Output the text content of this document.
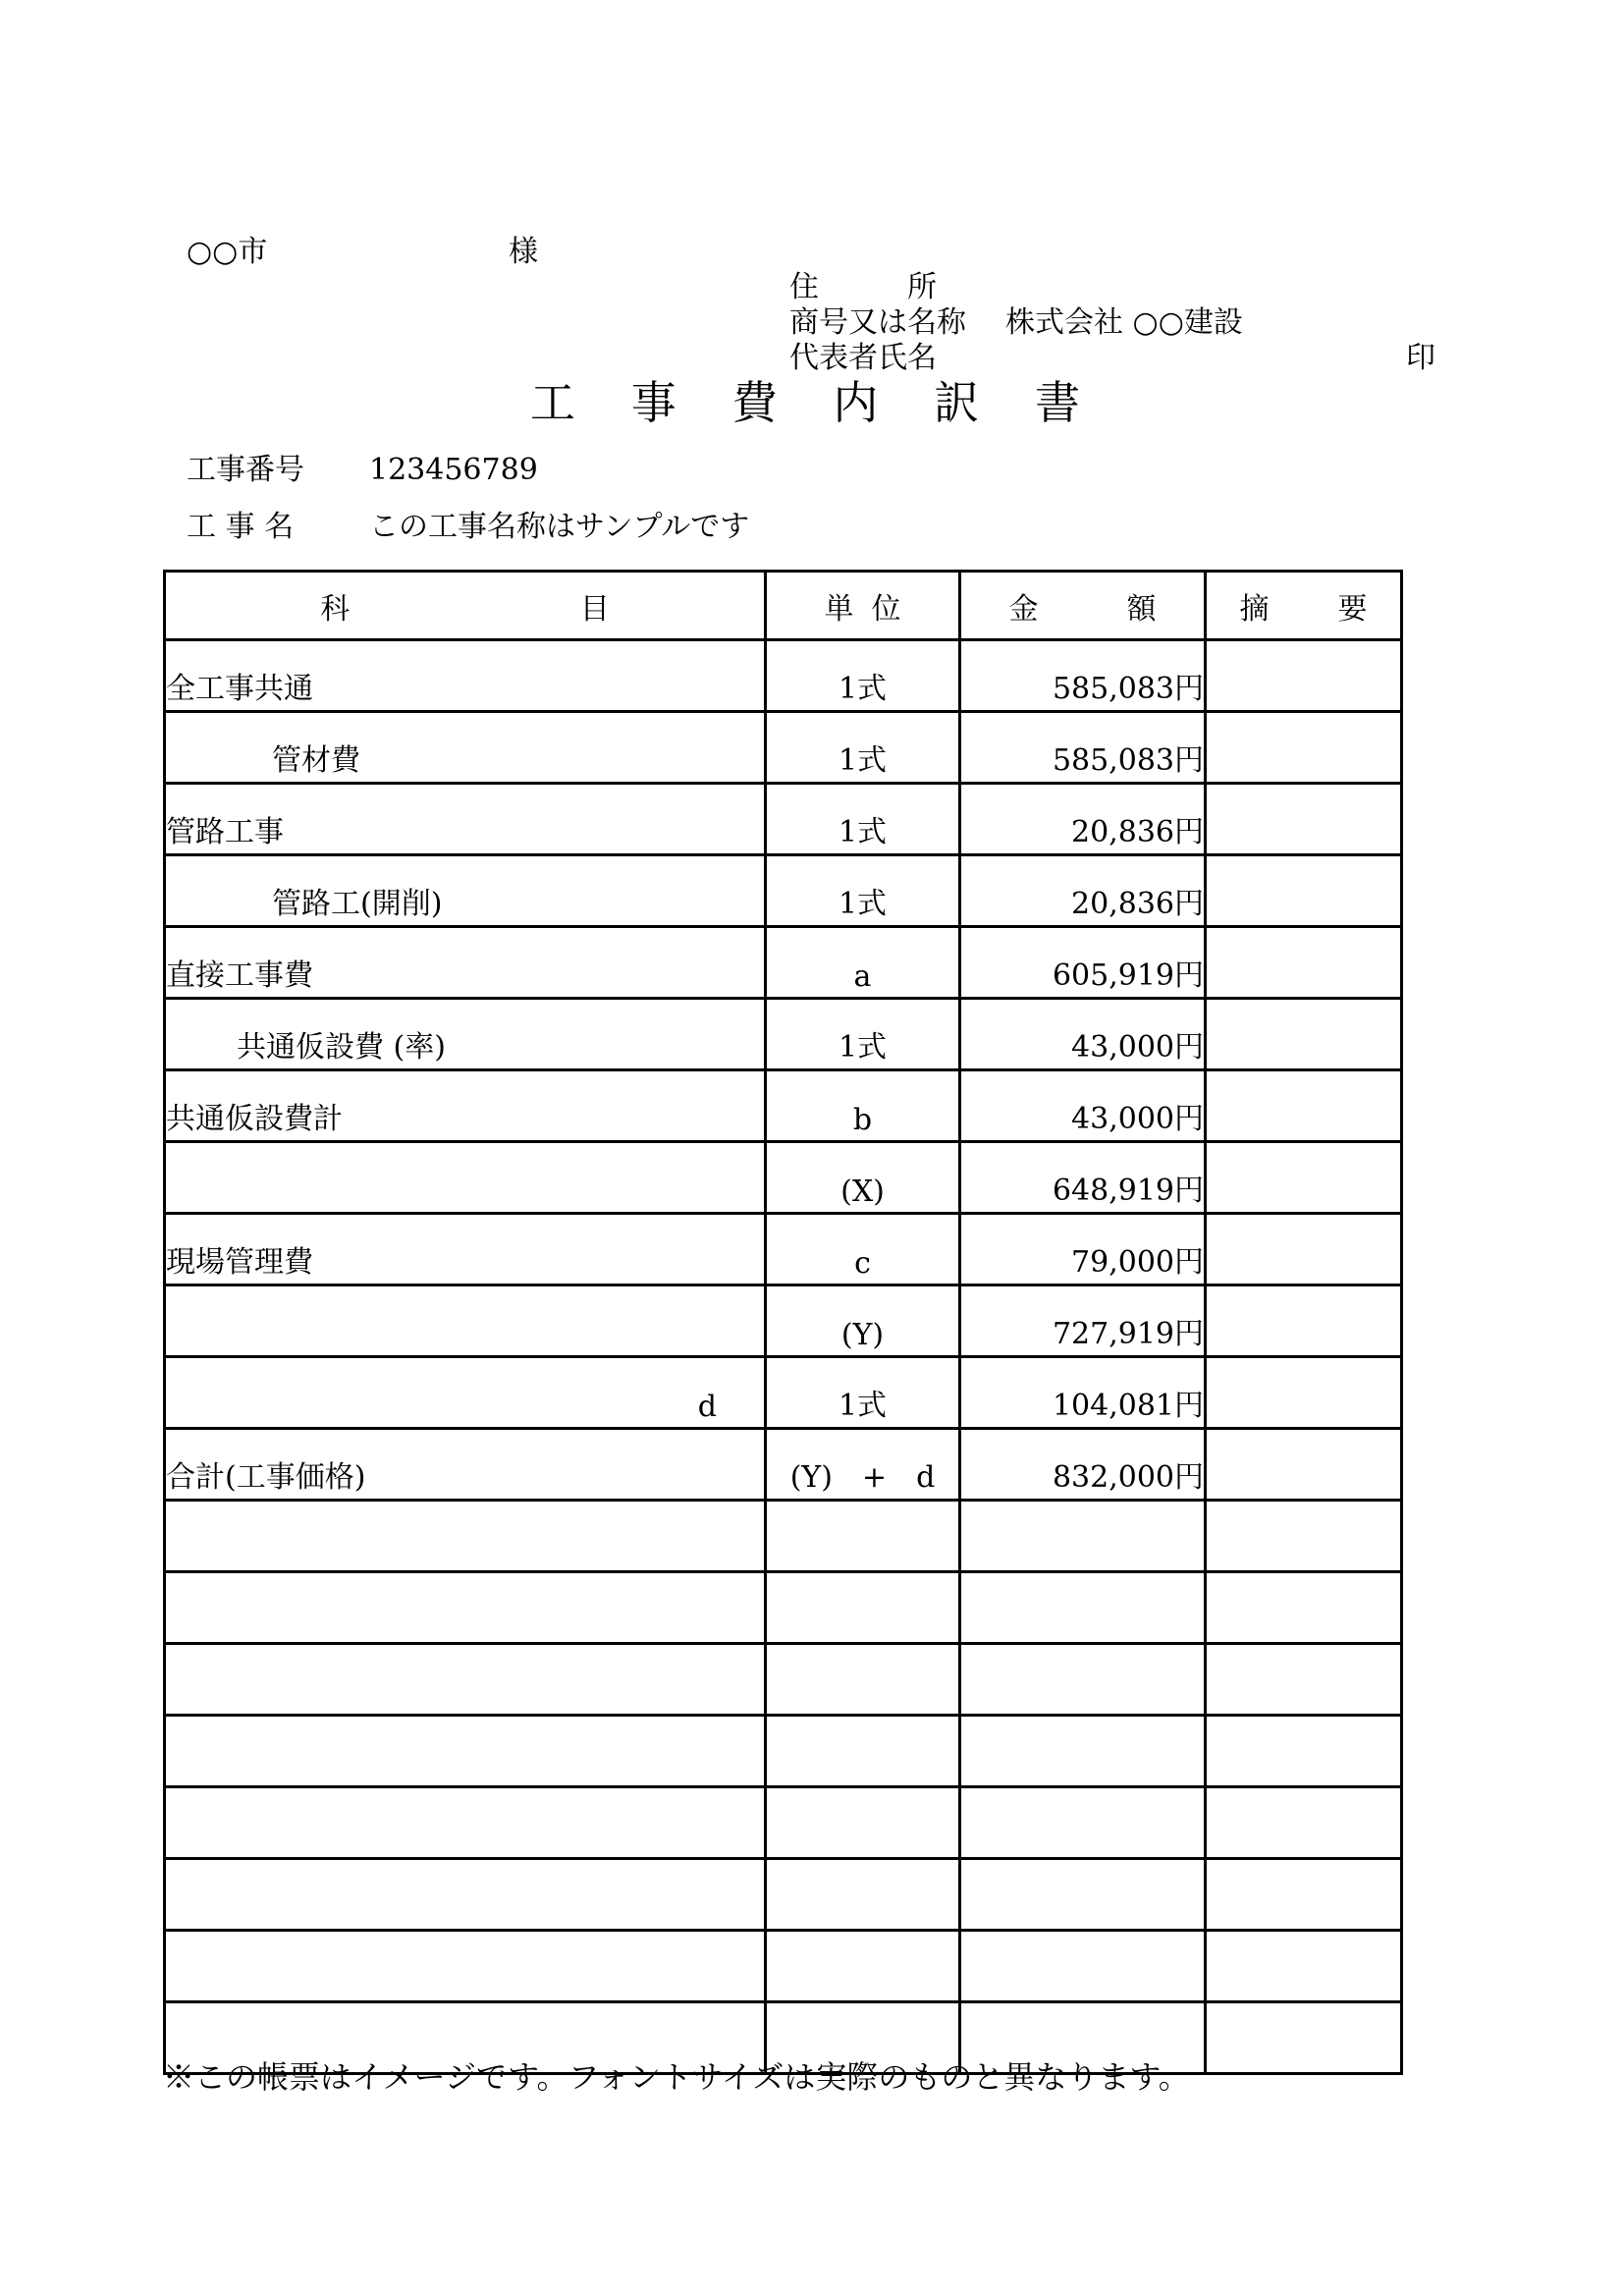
○○市	様
住　　　所
商号又は名称 株式会社 ○○建設
代表者氏名	印
工 事 費 内 訳 書
工事番号 123456789
工 事 名	この工事名称はサンプルです
科 目	単 位	金 額	摘 要

全工事共通	1式	585,083円	
管材費	1式	585,083円	
管路工事	1式	20,836円	
管路工(開削)	1式	20,836円	
直接工事費	a	605,919円	
共通仮設費 (率)	1式	43,000円	
共通仮設費計	b	43,000円	
	(X)	648,919円	
現場管理費	c	79,000円	
	(Y)	727,919円	
d	1式	104,081円	
合計(工事価格)	(Y)　+　d	832,000円	

※この帳票はイメージです。フォントサイズは実際のものと異なります。
